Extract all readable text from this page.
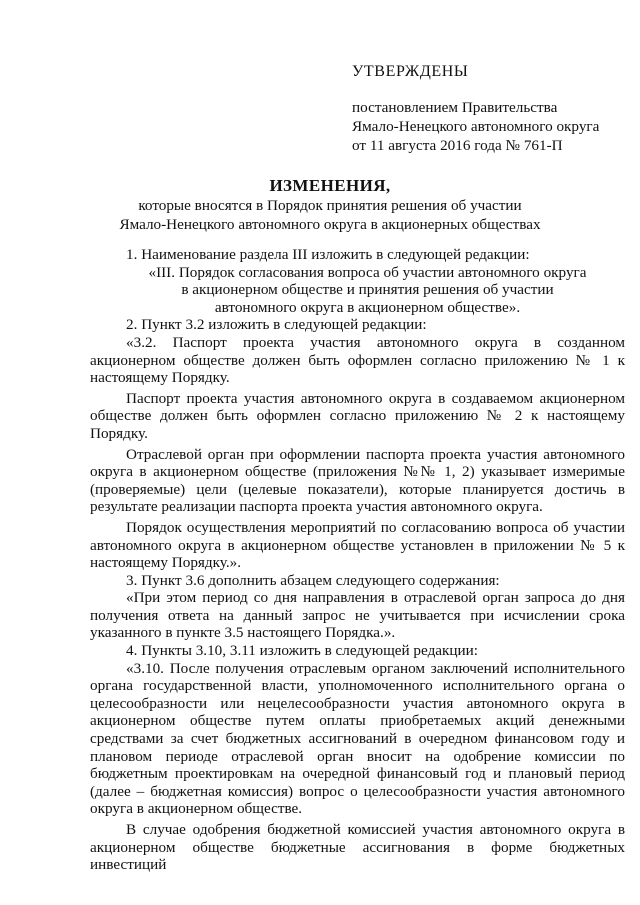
УТВЕРЖДЕНЫ
постановлением Правительства
Ямало-Ненецкого автономного округа
от 11 августа 2016 года № 761-П
ИЗМЕНЕНИЯ,
которые вносятся в Порядок принятия решения об участии
Ямало-Ненецкого автономного округа в акционерных обществах

1. Наименование раздела III изложить в следующей редакции:

«III. Порядок согласования вопроса об участии автономного округа

в акционерном обществе и принятия решения об участии

автономного округа в акционерном обществе».

2. Пункт 3.2 изложить в следующей редакции:

«3.2. Паспорт проекта участия автономного округа в созданном акционерном обществе должен быть оформлен согласно приложению № 1 к настоящему Порядку.

Паспорт проекта участия автономного округа в создаваемом акционерном обществе должен быть оформлен согласно приложению № 2 к настоящему Порядку.

Отраслевой орган при оформлении паспорта проекта участия автономного округа в акционерном обществе (приложения №№ 1, 2) указывает измеримые (проверяемые) цели (целевые показатели), которые планируется достичь в результате реализации паспорта проекта участия автономного округа.

Порядок осуществления мероприятий по согласованию вопроса об участии автономного округа в акционерном обществе установлен в приложении № 5 к настоящему Порядку.».

3. Пункт 3.6 дополнить абзацем следующего содержания:

«При этом период со дня направления в отраслевой орган запроса до дня получения ответа на данный запрос не учитывается при исчислении срока указанного в пункте 3.5 настоящего Порядка.».

4. Пункты 3.10, 3.11 изложить в следующей редакции:

«3.10. После получения отраслевым органом заключений исполнительного органа государственной власти, уполномоченного исполнительного органа о целесообразности или нецелесообразности участия автономного округа в акционерном обществе путем оплаты приобретаемых акций денежными средствами за счет бюджетных ассигнований в очередном финансовом году и плановом периоде отраслевой орган вносит на одобрение комиссии по бюджетным проектировкам на очередной финансовый год и плановый период (далее – бюджетная комиссия) вопрос о целесообразности участия автономного округа в акционерном обществе.

В случае одобрения бюджетной комиссией участия автономного округа в акционерном обществе бюджетные ассигнования в форме бюджетных инвестиций
